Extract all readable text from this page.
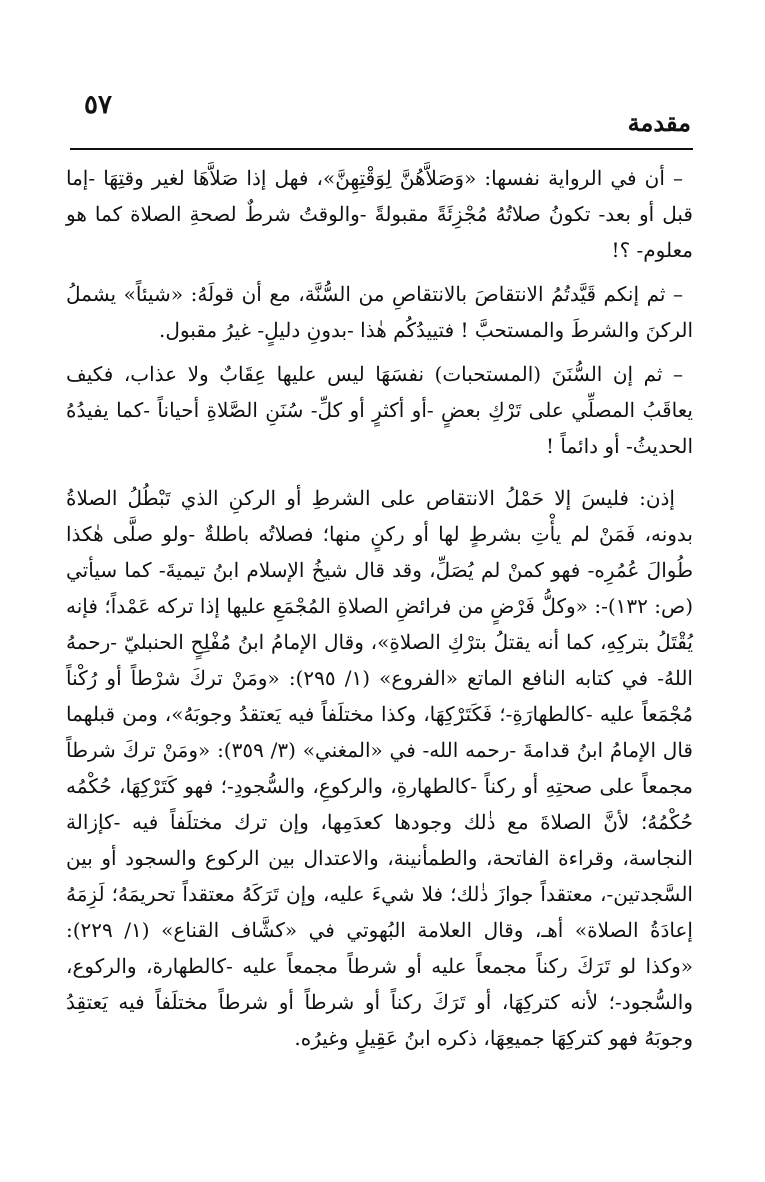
٥٧
مقدمة

– أن في الرواية نفسها: «وَصَلاَّهُنَّ لِوَقْتِهِنَّ»، فهل إذا صَلاَّهَا لغير وقتِهَا -إما قبل أو بعد- تكونُ صلاتُهُ مُجْزِئَةً مقبولةً -والوقتُ شرطٌ لصحةِ الصلاة كما هو معلوم- ؟!

– ثم إنكم قَيَّدتُمُ الانتقاصَ بالانتقاصِ من السُّنَّة، مع أن قولَهُ: «شيئاً» يشملُ الركنَ والشرطَ والمستحبَّ ! فتييدُكُم هٰذا -بدونِ دليلٍ- غيرُ مقبول.

– ثم إن السُّنَنَ (المستحبات) نفسَهَا ليس عليها عِقَابٌ ولا عذاب، فكيف يعاقَبُ المصلِّي على تَرْكِ بعضٍ -أو أكثرٍ أو كلِّ- سُنَنِ الصَّلاةِ أحياناً -كما يفيدُهُ الحديثُ- أو دائماً !

إذن: فليسَ إلا حَمْلُ الانتقاص على الشرطِ أو الركنِ الذي تَبْطُلُ الصلاةُ بدونه، فَمَنْ لم يأْتِ بشرطٍ لها أو ركنٍ منها؛ فصلاتُه باطلةٌ -ولو صلَّى هٰكذا طُوالَ عُمُرِه- فهو كمنْ لم يُصَلِّ، وقد قال شيخُ الإسلام ابنُ تيميةَ- كما سيأتي (ص: ١٣٢)-: «وكلُّ فَرْضٍ من فرائضِ الصلاةِ المُجْمَعِ عليها إذا تركه عَمْداً؛ فإنه يُقْتَلُ بتركِهِ، كما أنه يقتلُ بترْكِ الصلاةِ»، وقال الإمامُ ابنُ مُفْلِحٍ الحنبليّ -رحمهُ اللهُ- في كتابه النافع الماتع «الفروع» (١/ ٢٩٥): «ومَنْ تركَ شرْطاً أو رُكْناً مُجْمَعاً عليه -كالطهارَةِ-؛ فَكَتَرْكِهَا، وكذا مختلَفاً فيه يَعتقدُ وجوبَهُ»، ومن قبلهما قال الإمامُ ابنُ قدامةَ -رحمه الله- في «المغني» (٣/ ٣٥٩): «ومَنْ تركَ شرطاً مجمعاً على صحتِهِ أو ركناً -كالطهارةِ، والركوعِ، والسُّجودِ-؛ فهو كَتَرْكِهَا، حُكْمُه حُكْمُهُ؛ لأنَّ الصلاةَ مع ذٰلك وجودها كعدَمِها، وإن ترك مختلَفاً فيه -كإزالة النجاسة، وقراءة الفاتحة، والطمأنينة، والاعتدال بين الركوع والسجود أو بين السَّجدتين-، معتقداً جوازَ ذٰلك؛ فلا شيءَ عليه، وإن تَرَكَهُ معتقداً تحريمَهُ؛ لَزِمَهُ إعادَةُ الصلاة» أهـ، وقال العلامة البُهوتي في «كشَّاف القناع» (١/ ٢٢٩): «وكذا لو تَرَكَ ركناً مجمعاً عليه أو شرطاً مجمعاً عليه -كالطهارة، والركوع، والسُّجود-؛ لأنه كتركِهَا، أو تَرَكَ ركناً أو شرطاً أو شرطاً مختلَفاً فيه يَعتقِدُ وجوبَهُ فهو كتركِهَا جميعِهَا، ذكره ابنُ عَقِيلٍ وغيرُه.
